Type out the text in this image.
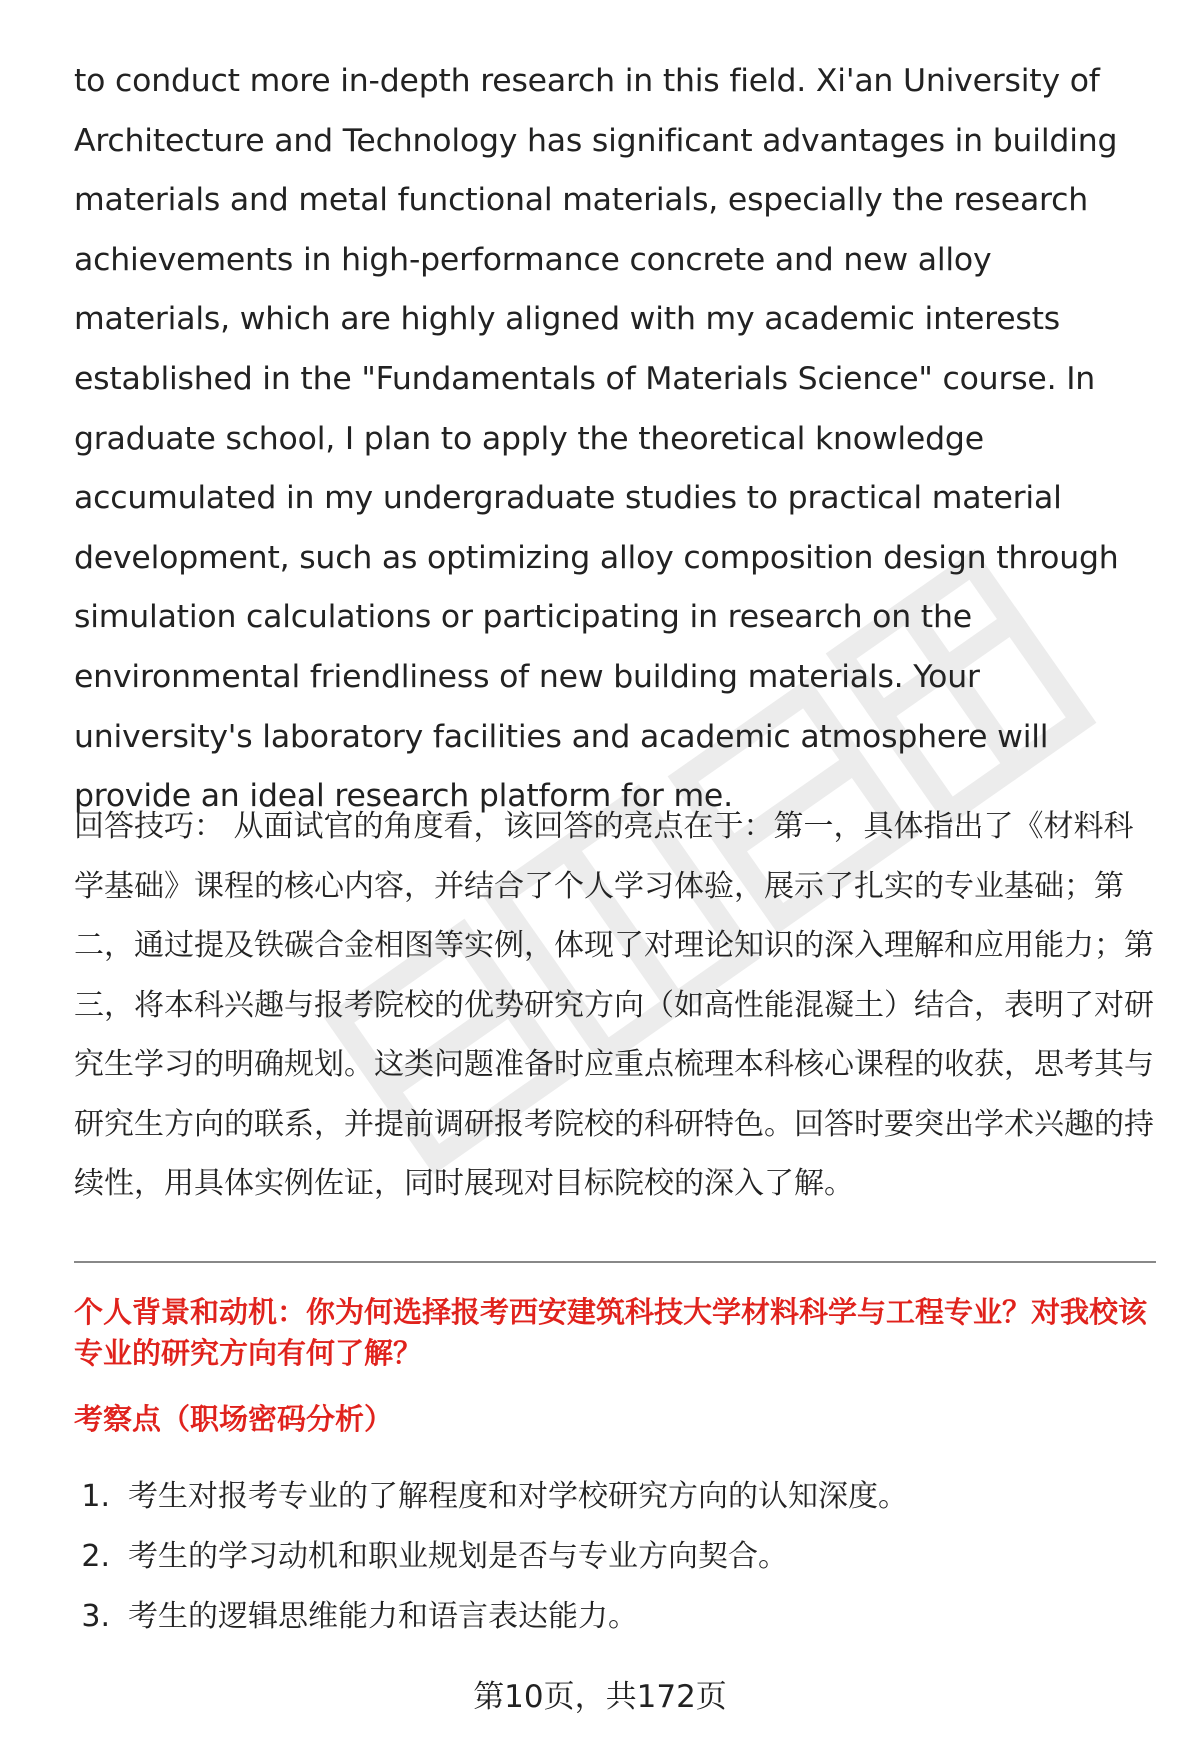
to conduct more in-depth research in this field. Xi'an University of Architecture and Technology has significant advantages in building materials and metal functional materials, especially the research achievements in high-performance concrete and new alloy materials, which are highly aligned with my academic interests established in the "Fundamentals of Materials Science" course. In graduate school, I plan to apply the theoretical knowledge accumulated in my undergraduate studies to practical material development, such as optimizing alloy composition design through simulation calculations or participating in research on the environmental friendliness of new building materials. Your university's laboratory facilities and academic atmosphere will provide an ideal research platform for me.

回答技巧： 从面试官的角度看，该回答的亮点在于：第一，具体指出了《材料科学基础》课程的核心内容，并结合了个人学习体验，展示了扎实的专业基础；第二，通过提及铁碳合金相图等实例，体现了对理论知识的深入理解和应用能力；第三，将本科兴趣与报考院校的优势研究方向（如高性能混凝土）结合，表明了对研究生学习的明确规划。这类问题准备时应重点梳理本科核心课程的收获，思考其与研究生方向的联系，并提前调研报考院校的科研特色。回答时要突出学术兴趣的持续性，用具体实例佐证，同时展现对目标院校的深入了解。

个人背景和动机：你为何选择报考西安建筑科技大学材料科学与工程专业？对我校该专业的研究方向有何了解？

考察点（职场密码分析）

1. 考生对报考专业的了解程度和对学校研究方向的认知深度。
2. 考生的学习动机和职业规划是否与专业方向契合。
3. 考生的逻辑思维能力和语言表达能力。
第10页，共172页
